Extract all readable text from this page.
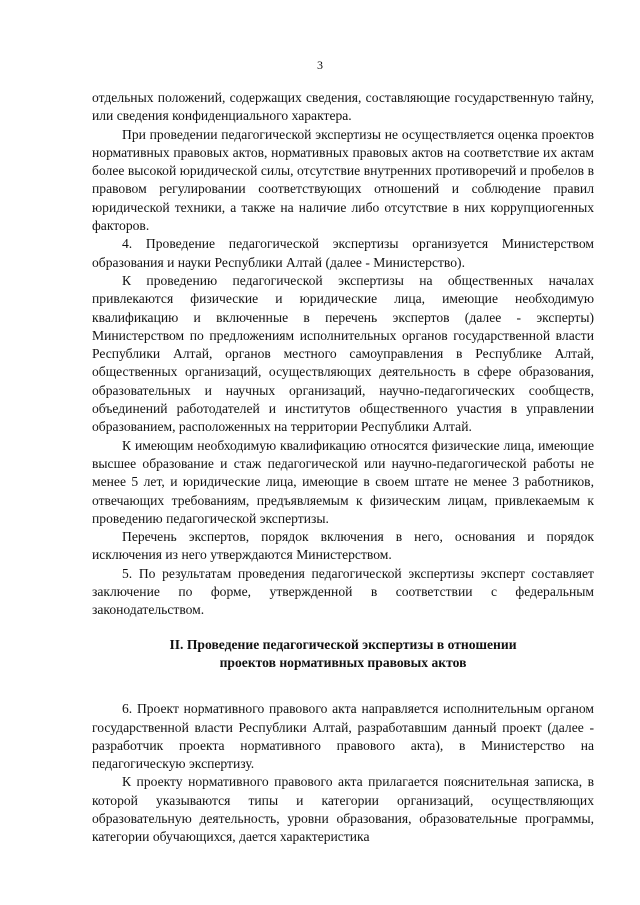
3

отдельных положений, содержащих сведения, составляющие государственную тайну, или сведения конфиденциального характера.

При проведении педагогической экспертизы не осуществляется оценка проектов нормативных правовых актов, нормативных правовых актов на соответствие их актам более высокой юридической силы, отсутствие внутренних противоречий и пробелов в правовом регулировании соответствующих отношений и соблюдение правил юридической техники, а также на наличие либо отсутствие в них коррупциогенных факторов.

4. Проведение педагогической экспертизы организуется Министерством образования и науки Республики Алтай (далее - Министерство).

К проведению педагогической экспертизы на общественных началах привлекаются физические и юридические лица, имеющие необходимую квалификацию и включенные в перечень экспертов (далее - эксперты) Министерством по предложениям исполнительных органов государственной власти Республики Алтай, органов местного самоуправления в Республике Алтай, общественных организаций, осуществляющих деятельность в сфере образования, образовательных и научных организаций, научно-педагогических сообществ, объединений работодателей и институтов общественного участия в управлении образованием, расположенных на территории Республики Алтай.

К имеющим необходимую квалификацию относятся физические лица, имеющие высшее образование и стаж педагогической или научно-педагогической работы не менее 5 лет, и юридические лица, имеющие в своем штате не менее 3 работников, отвечающих требованиям, предъявляемым к физическим лицам, привлекаемым к проведению педагогической экспертизы.

Перечень экспертов, порядок включения в него, основания и порядок исключения из него утверждаются Министерством.

5. По результатам проведения педагогической экспертизы эксперт составляет заключение по форме, утвержденной в соответствии с федеральным законодательством.

II. Проведение педагогической экспертизы в отношении
проектов нормативных правовых актов

6. Проект нормативного правового акта направляется исполнительным органом государственной власти Республики Алтай, разработавшим данный проект (далее - разработчик проекта нормативного правового акта), в Министерство на педагогическую экспертизу.

К проекту нормативного правового акта прилагается пояснительная записка, в которой указываются типы и категории организаций, осуществляющих образовательную деятельность, уровни образования, образовательные программы, категории обучающихся, дается характеристика
